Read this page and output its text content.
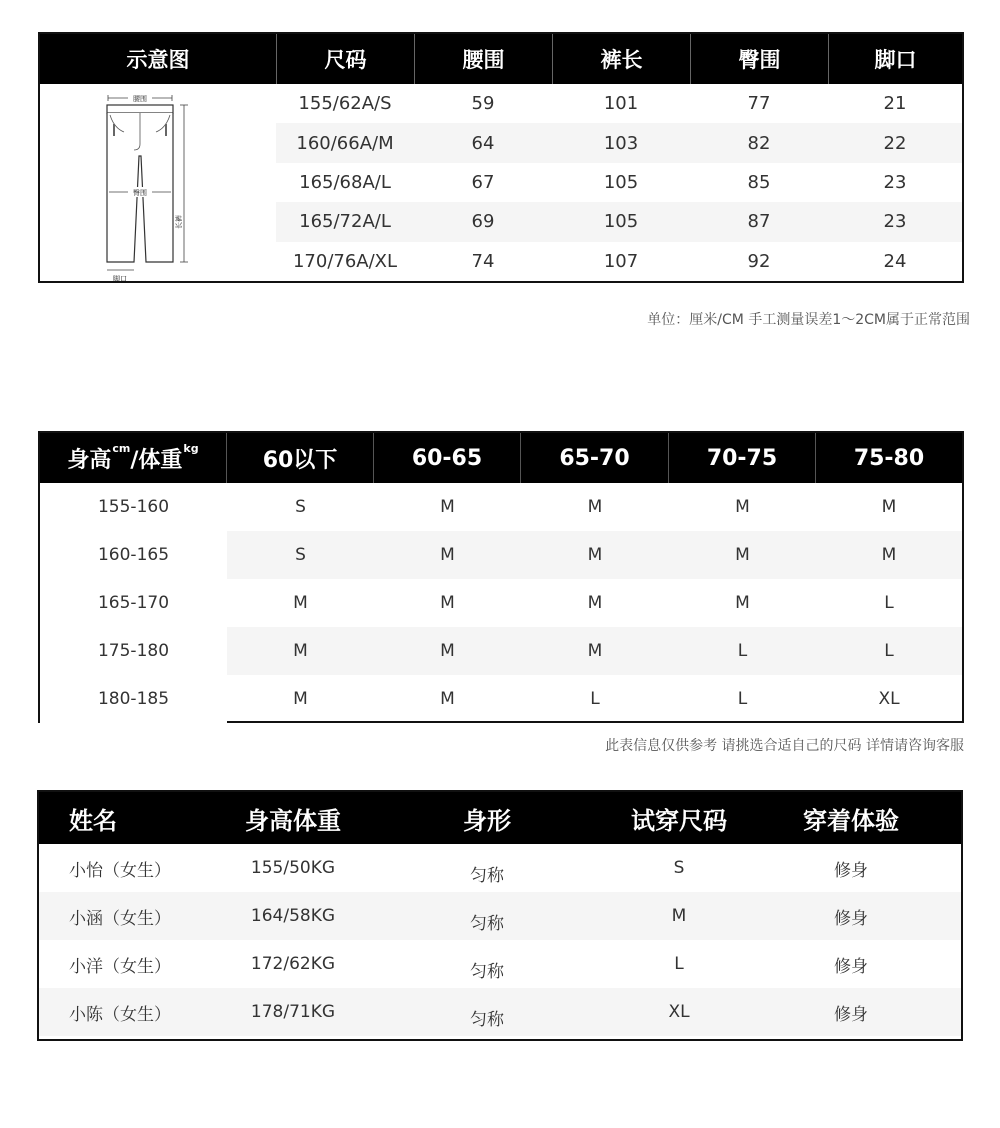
示意图	尺码	腰围	裤长	臀围	脚口
腰围
臀围
长裤
脚口
155/62A/S	59	101	77	21
160/66A/M	64	103	82	22
165/68A/L	67	105	85	23
165/72A/L	69	105	87	23
170/76A/XL	74	107	92	24
单位：厘米/CM 手工测量误差1～2CM属于正常范围
身高$^{cm}$/体重$^{kg}$	60以下	60-65	65-70	70-75	75-80
155-160	S	M	M	M	M
160-165	S	M	M	M	M
165-170	M	M	M	M	L
175-180	M	M	M	L	L
180-185	M	M	L	L	XL
此表信息仅供参考 请挑选合适自己的尺码 详情请咨询客服
姓名	身高体重	身形	试穿尺码	穿着体验
小怡（女生）	155/50KG	匀称	S	修身
小涵（女生）	164/58KG	匀称	M	修身
小洋（女生）	172/62KG	匀称	L	修身
小陈（女生）	178/71KG	匀称	XL	修身
